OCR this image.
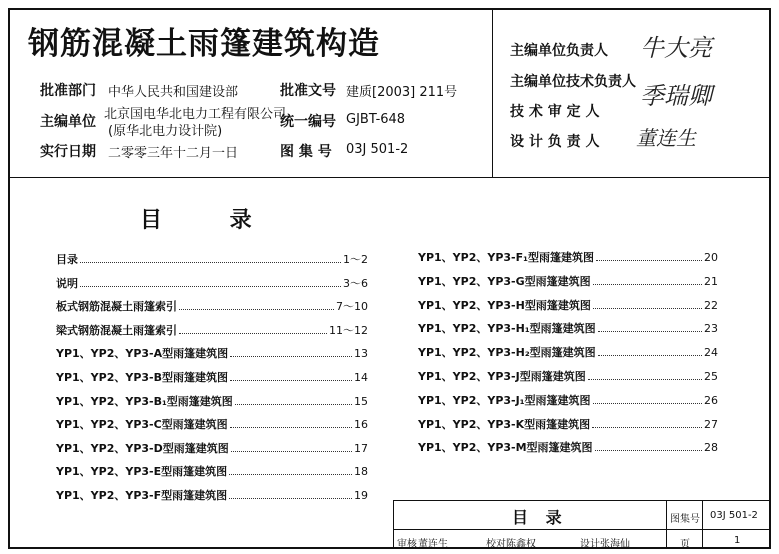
钢筋混凝土雨篷建筑构造
批准部门 中华人民共和国建设部	批准文号 建质[2003] 211号
主编单位 北京国电华北电力工程有限公司
(原华北电力设计院)
统一编号 GJBT-648
实行日期 二零零三年十二月一日	图 集 号 03J 501-2
主编单位负责人 牛大亮
主编单位技术负责人 季瑞卿
技 术 审 定 人
设 计 负 责 人 董连生
目 录
目录	1～2
说明	3～6
板式钢筋混凝土雨篷索引	7～10
梁式钢筋混凝土雨篷索引	11～12
YP1、YP2、YP3-A型雨篷建筑图	13
YP1、YP2、YP3-B型雨篷建筑图	14
YP1、YP2、YP3-B₁型雨篷建筑图	15
YP1、YP2、YP3-C型雨篷建筑图	16
YP1、YP2、YP3-D型雨篷建筑图	17
YP1、YP2、YP3-E型雨篷建筑图	18
YP1、YP2、YP3-F型雨篷建筑图	19
YP1、YP2、YP3-F₁型雨篷建筑图	20
YP1、YP2、YP3-G型雨篷建筑图	21
YP1、YP2、YP3-H型雨篷建筑图	22
YP1、YP2、YP3-H₁型雨篷建筑图	23
YP1、YP2、YP3-H₂型雨篷建筑图	24
YP1、YP2、YP3-J型雨篷建筑图	25
YP1、YP2、YP3-J₁型雨篷建筑图	26
YP1、YP2、YP3-K型雨篷建筑图	27
YP1、YP2、YP3-M型雨篷建筑图	28
目 录	图集号 03J 501-2
审核 董连生	校对 陈鑫权	设计 张海仙	页	1
